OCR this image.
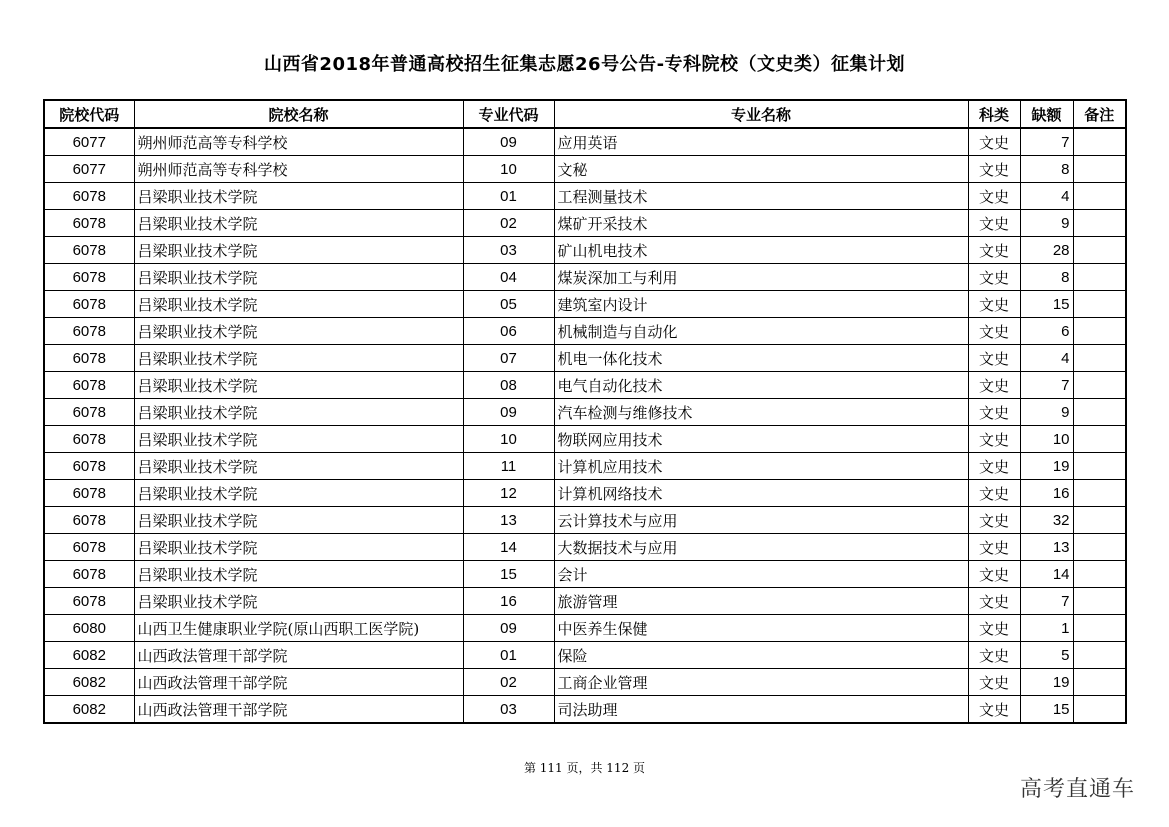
山西省2018年普通高校招生征集志愿26号公告-专科院校（文史类）征集计划
院校代码	院校名称	专业代码	专业名称	科类	缺额	备注
6077	朔州师范高等专科学校	09	应用英语	文史	7	
6077	朔州师范高等专科学校	10	文秘	文史	8	
6078	吕梁职业技术学院	01	工程测量技术	文史	4	
6078	吕梁职业技术学院	02	煤矿开采技术	文史	9	
6078	吕梁职业技术学院	03	矿山机电技术	文史	28	
6078	吕梁职业技术学院	04	煤炭深加工与利用	文史	8	
6078	吕梁职业技术学院	05	建筑室内设计	文史	15	
6078	吕梁职业技术学院	06	机械制造与自动化	文史	6	
6078	吕梁职业技术学院	07	机电一体化技术	文史	4	
6078	吕梁职业技术学院	08	电气自动化技术	文史	7	
6078	吕梁职业技术学院	09	汽车检测与维修技术	文史	9	
6078	吕梁职业技术学院	10	物联网应用技术	文史	10	
6078	吕梁职业技术学院	11	计算机应用技术	文史	19	
6078	吕梁职业技术学院	12	计算机网络技术	文史	16	
6078	吕梁职业技术学院	13	云计算技术与应用	文史	32	
6078	吕梁职业技术学院	14	大数据技术与应用	文史	13	
6078	吕梁职业技术学院	15	会计	文史	14	
6078	吕梁职业技术学院	16	旅游管理	文史	7	
6080	山西卫生健康职业学院(原山西职工医学院)	09	中医养生保健	文史	1	
6082	山西政法管理干部学院	01	保险	文史	5	
6082	山西政法管理干部学院	02	工商企业管理	文史	19	
6082	山西政法管理干部学院	03	司法助理	文史	15	
第 111 页，共 112 页
高考直通车
